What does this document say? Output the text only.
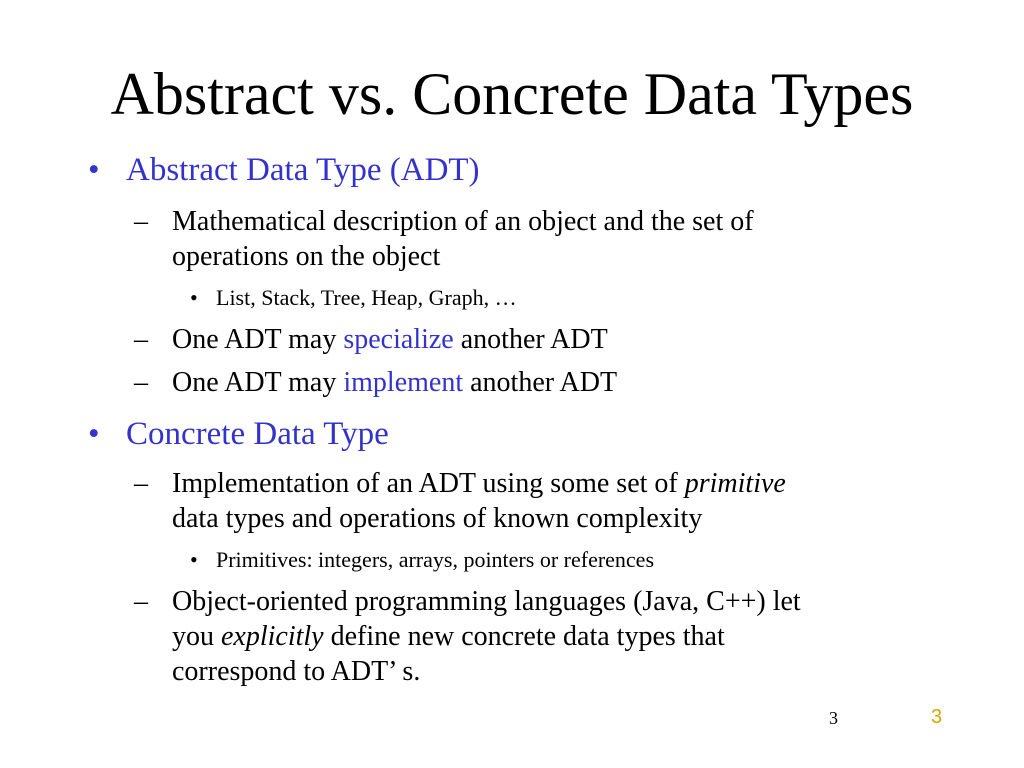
Abstract vs. Concrete Data Types

• Abstract Data Type (ADT)

– Mathematical description of an object and the set of
operations on the object

• List, Stack, Tree, Heap, Graph, …

– One ADT may specialize another ADT

– One ADT may implement another ADT

• Concrete Data Type

– Implementation of an ADT using some set of primitive
data types and operations of known complexity

• Primitives: integers, arrays, pointers or references

– Object-oriented programming languages (Java, C++) let
you explicitly define new concrete data types that
correspond to ADT’ s.

3	3
